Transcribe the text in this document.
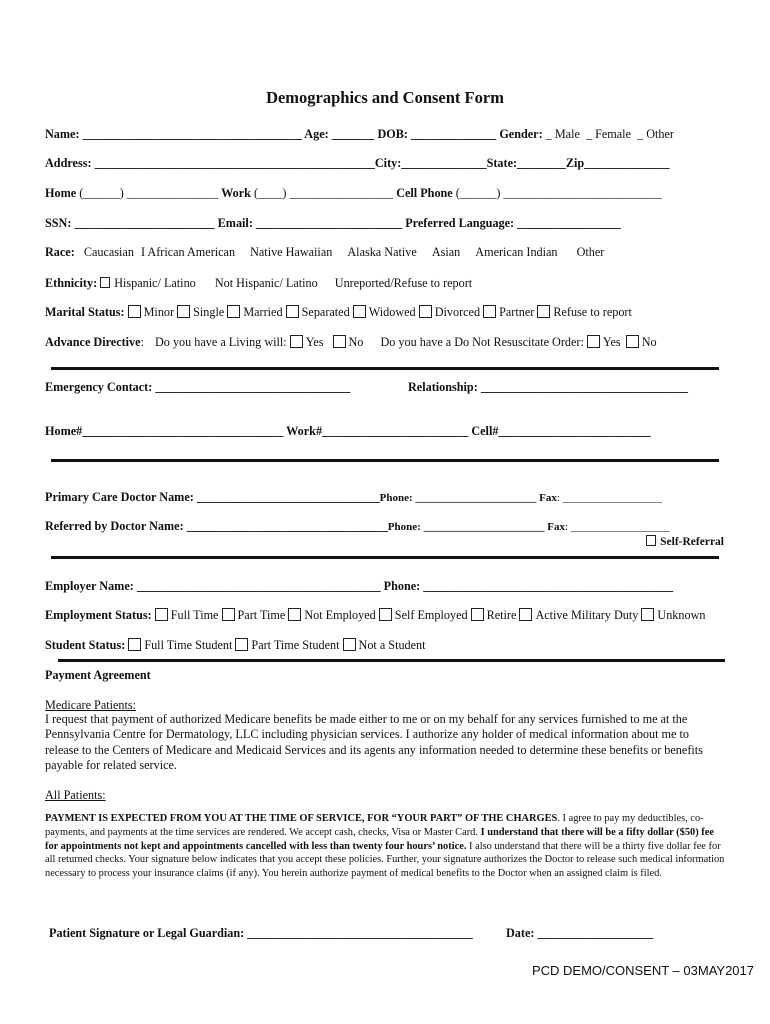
Demographics and Consent Form
Name: ____________________________________ Age: _______ DOB: ______________ Gender: _ Male  _ Female  _ Other
Address: ______________________________________________City:______________State:________Zip______________
Home (______) _______________ Work (____) _________________ Cell Phone (______) __________________________
SSN: _______________________ Email: ________________________ Preferred Language: _________________
Race: Caucasian I African American Native Hawaiian Alaska Native Asian American Indian Other
Ethnicity: Hispanic/ Latino Not Hispanic/ Latino Unreported/Refuse to report
Marital Status: Minor Single Married Separated Widowed Divorced Partner Refuse to report
Advance Directive: Do you have a Living will: Yes No Do you have a Do Not Resuscitate Order: Yes No
Emergency Contact: ________________________________	Relationship: __________________________________
Home#_________________________________ Work#________________________ Cell#_________________________
Primary Care Doctor Name: ______________________________Phone: ______________________ Fax: __________________
Referred by Doctor Name: _________________________________Phone: ______________________ Fax: __________________
Self-Referral
Employer Name: ________________________________________ Phone: _________________________________________
Employment Status: Full Time Part Time Not Employed Self Employed Retire Active Military Duty Unknown
Student Status: Full Time Student Part Time Student Not a Student
Payment Agreement
Medicare Patients:
I request that payment of authorized Medicare benefits be made either to me or on my behalf for any services furnished to me at the Pennsylvania Centre for Dermatology, LLC including physician services. I authorize any holder of medical information about me to release to the Centers of Medicare and Medicaid Services and its agents any information needed to determine these benefits or benefits payable for related service.
All Patients:
PAYMENT IS EXPECTED FROM YOU AT THE TIME OF SERVICE, FOR “YOUR PART” OF THE CHARGES. I agree to pay my deductibles, co-payments, and payments at the time services are rendered. We accept cash, checks, Visa or Master Card. I understand that there will be a fifty dollar ($50) fee for appointments not kept and appointments cancelled with less than twenty four hours’ notice. I also understand that there will be a thirty five dollar fee for all returned checks. Your signature below indicates that you accept these policies. Further, your signature authorizes the Doctor to release such medical information necessary to process your insurance claims (if any). You herein authorize payment of medical benefits to the Doctor when an assigned claim is filed.
Patient Signature or Legal Guardian: _____________________________________	Date: ___________________
PCD DEMO/CONSENT – 03MAY2017
